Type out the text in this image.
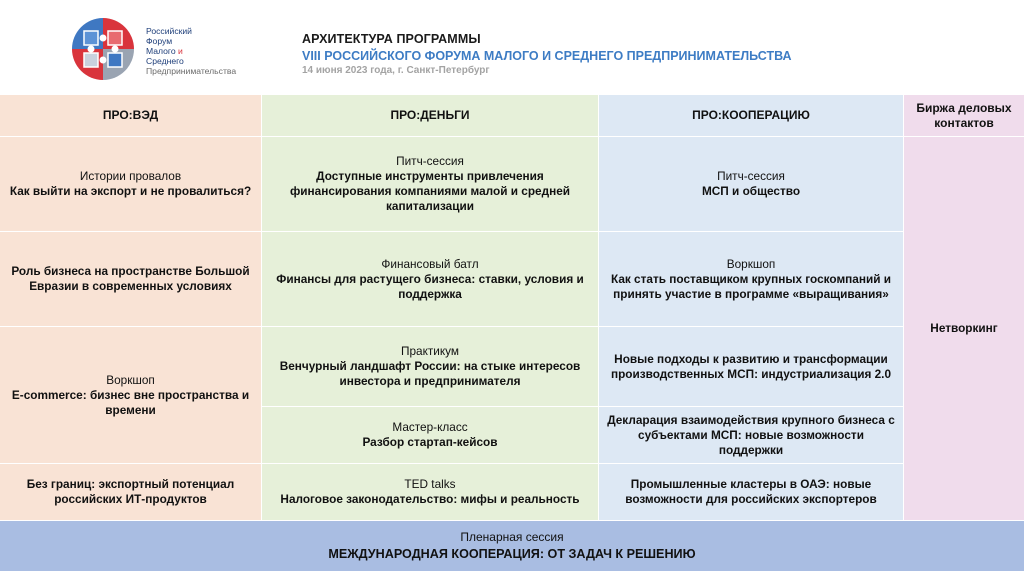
Российский
Форум
Малого и
Среднего
Предпринимательства
АРХИТЕКТУРА ПРОГРАММЫ
VIII РОССИЙСКОГО ФОРУМА МАЛОГО И СРЕДНЕГО ПРЕДПРИНИМАТЕЛЬСТВА
14 июня 2023 года, г. Санкт-Петербург
ПРО:ВЭД	ПРО:ДЕНЬГИ	ПРО:КООПЕРАЦИЮ
Биржа деловых контактов
Истории провалов
Как выйти на экспорт и не провалиться?
Роль бизнеса на пространстве Большой Евразии в современных условиях
Воркшоп
E-commerce: бизнес вне пространства и времени
Без границ: экспортный потенциал российских ИТ-продуктов
Питч-сессия
Доступные инструменты привлечения финансирования компаниями малой и средней капитализации
Финансовый батл
Финансы для растущего бизнеса: ставки, условия и поддержка
Практикум
Венчурный ландшафт России: на стыке интересов инвестора и предпринимателя
Мастер-класс
Разбор стартап-кейсов
TED talks
Налоговое законодательство: мифы и реальность
Питч-сессия
МСП и общество
Воркшоп
Как стать поставщиком крупных госкомпаний и принять участие в программе «выращивания»
Новые подходы к развитию и трансформации производственных МСП: индустриализация 2.0
Декларация взаимодействия крупного бизнеса с субъектами МСП: новые возможности поддержки
Промышленные кластеры в ОАЭ: новые возможности для российских экспортеров
Нетворкинг
Пленарная сессия
МЕЖДУНАРОДНАЯ КООПЕРАЦИЯ: ОТ ЗАДАЧ К РЕШЕНИЮ
